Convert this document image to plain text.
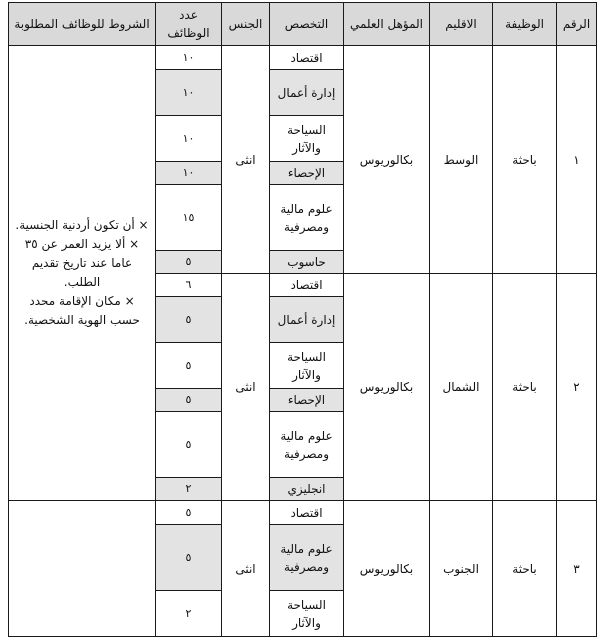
الرقم	الوظيفة	الاقليم	المؤهل العلمي	التخصص	الجنس	عدد الوظائف	الشروط للوظائف المطلوبة
١	باحثة	الوسط	بكالوريوس	اقتصاد	انثى	١٠	× أن تكون أردنية الجنسية.
× ألا يزيد العمر عن ٣٥ عاما عند تاريخ تقديم الطلب.
× مكان الإقامة محدد حسب الهوية الشخصية.

				إدارة أعمال		١٠	
				السياحة والآثار		١٠	
				الإحصاء		١٠	
				علوم مالية ومصرفية		١٥	
				حاسوب		٥	
٢	باحثة	الشمال	بكالوريوس	اقتصاد	انثى	٦	
				إدارة أعمال		٥	
				السياحة والآثار		٥	
				الإحصاء		٥	
				علوم مالية ومصرفية		٥	
				انجليزي		٢	
٣	باحثة	الجنوب	بكالوريوس	اقتصاد	انثى	٥	
				علوم مالية ومصرفية		٥	
				السياحة والآثار		٢	
